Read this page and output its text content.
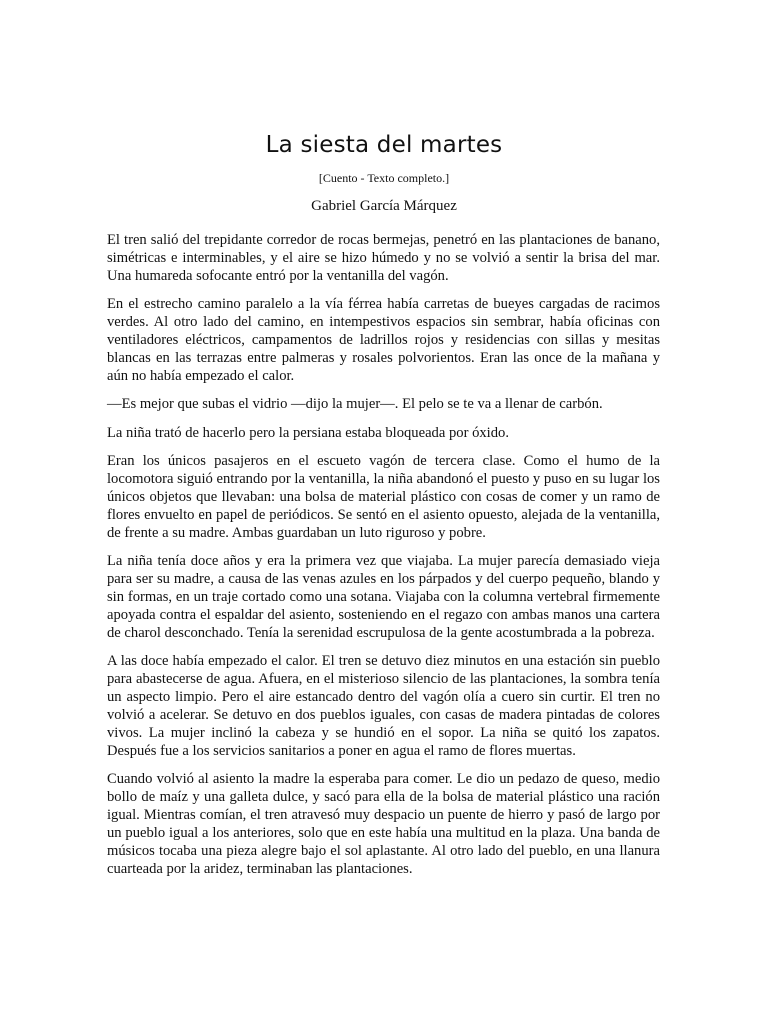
La siesta del martes
[Cuento - Texto completo.]
Gabriel García Márquez

El tren salió del trepidante corredor de rocas bermejas, penetró en las plantaciones de banano, simétricas e interminables, y el aire se hizo húmedo y no se volvió a sentir la brisa del mar. Una humareda sofocante entró por la ventanilla del vagón.

En el estrecho camino paralelo a la vía férrea había carretas de bueyes cargadas de racimos verdes. Al otro lado del camino, en intempestivos espacios sin sembrar, había oficinas con ventiladores eléctricos, campamentos de ladrillos rojos y residencias con sillas y mesitas blancas en las terrazas entre palmeras y rosales polvorientos. Eran las once de la mañana y aún no había empezado el calor.

—Es mejor que subas el vidrio —dijo la mujer—. El pelo se te va a llenar de carbón.

La niña trató de hacerlo pero la persiana estaba bloqueada por óxido.

Eran los únicos pasajeros en el escueto vagón de tercera clase. Como el humo de la locomotora siguió entrando por la ventanilla, la niña abandonó el puesto y puso en su lugar los únicos objetos que llevaban: una bolsa de material plástico con cosas de comer y un ramo de flores envuelto en papel de periódicos. Se sentó en el asiento opuesto, alejada de la ventanilla, de frente a su madre. Ambas guardaban un luto riguroso y pobre.

La niña tenía doce años y era la primera vez que viajaba. La mujer parecía demasiado vieja para ser su madre, a causa de las venas azules en los párpados y del cuerpo pequeño, blando y sin formas, en un traje cortado como una sotana. Viajaba con la columna vertebral firmemente apoyada contra el espaldar del asiento, sosteniendo en el regazo con ambas manos una cartera de charol desconchado. Tenía la serenidad escrupulosa de la gente acostumbrada a la pobreza.

A las doce había empezado el calor. El tren se detuvo diez minutos en una estación sin pueblo para abastecerse de agua. Afuera, en el misterioso silencio de las plantaciones, la sombra tenía un aspecto limpio. Pero el aire estancado dentro del vagón olía a cuero sin curtir. El tren no volvió a acelerar. Se detuvo en dos pueblos iguales, con casas de madera pintadas de colores vivos. La mujer inclinó la cabeza y se hundió en el sopor. La niña se quitó los zapatos. Después fue a los servicios sanitarios a poner en agua el ramo de flores muertas.

Cuando volvió al asiento la madre la esperaba para comer. Le dio un pedazo de queso, medio bollo de maíz y una galleta dulce, y sacó para ella de la bolsa de material plástico una ración igual. Mientras comían, el tren atravesó muy despacio un puente de hierro y pasó de largo por un pueblo igual a los anteriores, solo que en este había una multitud en la plaza. Una banda de músicos tocaba una pieza alegre bajo el sol aplastante. Al otro lado del pueblo, en una llanura cuarteada por la aridez, terminaban las plantaciones.
